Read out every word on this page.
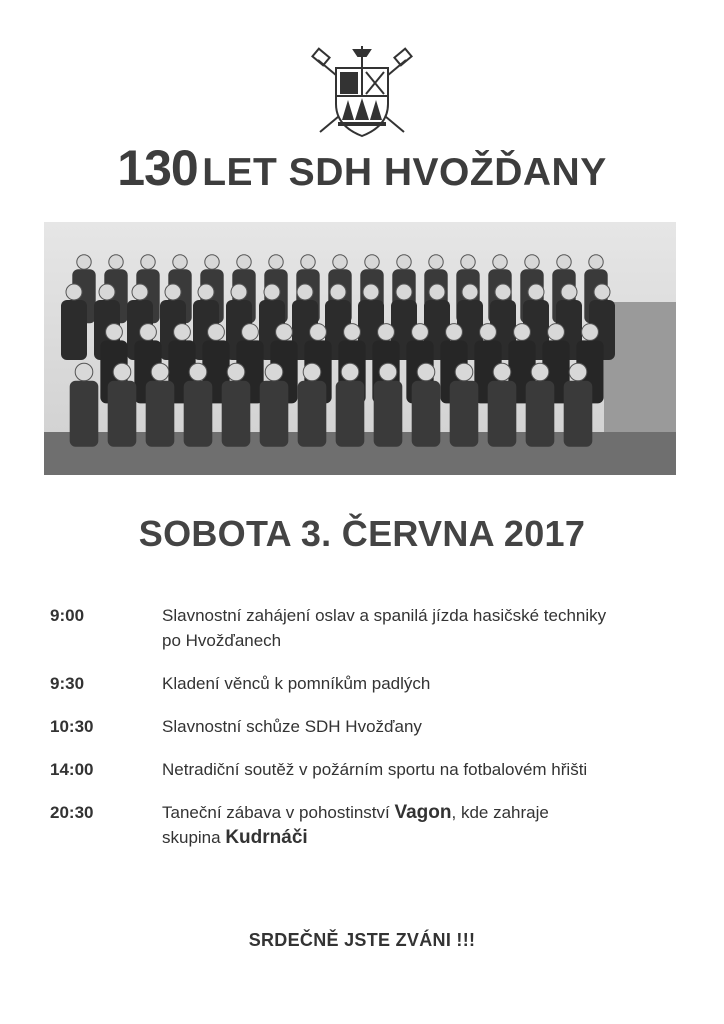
130 LET SDH HVOŽĎANY
SOBOTA 3. ČERVNA 2017
9:00	Slavnostní zahájení oslav a spanilá jízda hasičské techniky
po Hvožďanech
9:30	Kladení věnců k pomníkům padlých
10:30	Slavnostní schůze SDH Hvožďany
14:00	Netradiční soutěž v požárním sportu na fotbalovém hřišti
20:30	Taneční zábava v pohostinství Vagon, kde zahraje
skupina Kudrnáči
SRDEČNĚ JSTE ZVÁNI !!!
